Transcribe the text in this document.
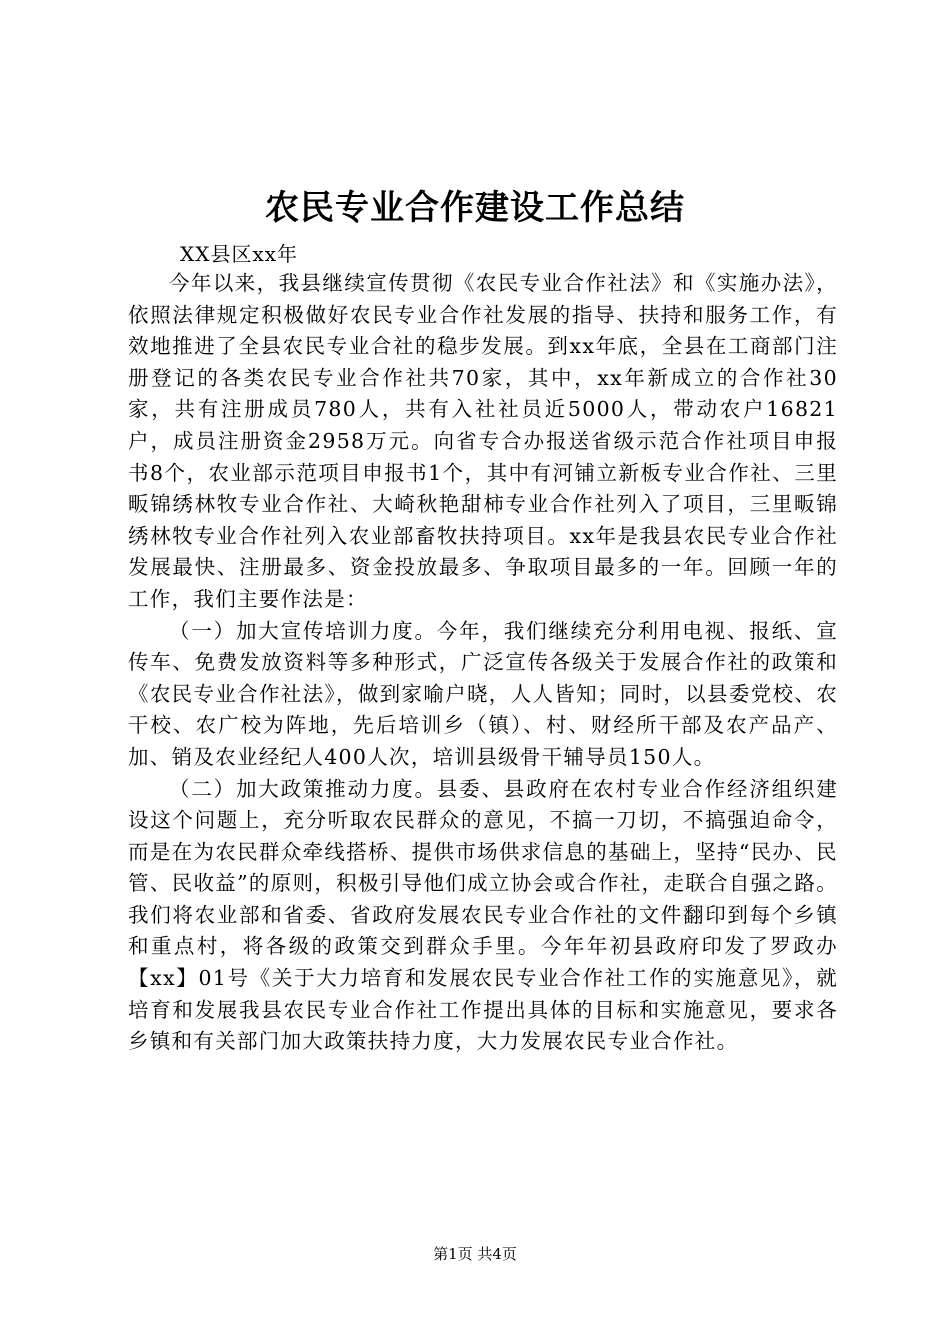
农民专业合作建设工作总结
XX县区xx年

今年以来，我县继续宣传贯彻《农民专业合作社法》和《实施办法》，依照法律规定积极做好农民专业合作社发展的指导、扶持和服务工作，有效地推进了全县农民专业合社的稳步发展。到xx年底，全县在工商部门注册登记的各类农民专业合作社共70家，其中，xx年新成立的合作社30家，共有注册成员780人，共有入社社员近5000人，带动农户16821户，成员注册资金2958万元。向省专合办报送省级示范合作社项目申报书8个，农业部示范项目申报书1个，其中有河铺立新板专业合作社、三里畈锦绣林牧专业合作社、大崎秋艳甜柿专业合作社列入了项目，三里畈锦绣林牧专业合作社列入农业部畜牧扶持项目。xx年是我县农民专业合作社发展最快、注册最多、资金投放最多、争取项目最多的一年。回顾一年的工作，我们主要作法是：

（一）加大宣传培训力度。今年，我们继续充分利用电视、报纸、宣传车、免费发放资料等多种形式，广泛宣传各级关于发展合作社的政策和《农民专业合作社法》，做到家喻户晓，人人皆知；同时，以县委党校、农干校、农广校为阵地，先后培训乡（镇）、村、财经所干部及农产品产、加、销及农业经纪人400人次，培训县级骨干辅导员150人。

（二）加大政策推动力度。县委、县政府在农村专业合作经济组织建设这个问题上，充分听取农民群众的意见，不搞一刀切，不搞强迫命令，而是在为农民群众牵线搭桥、提供市场供求信息的基础上，坚持“民办、民管、民收益”的原则，积极引导他们成立协会或合作社，走联合自强之路。我们将农业部和省委、省政府发展农民专业合作社的文件翻印到每个乡镇和重点村，将各级的政策交到群众手里。今年年初县政府印发了罗政办【xx】01号《关于大力培育和发展农民专业合作社工作的实施意见》，就培育和发展我县农民专业合作社工作提出具体的目标和实施意见，要求各乡镇和有关部门加大政策扶持力度，大力发展农民专业合作社。

第1页 共4页
